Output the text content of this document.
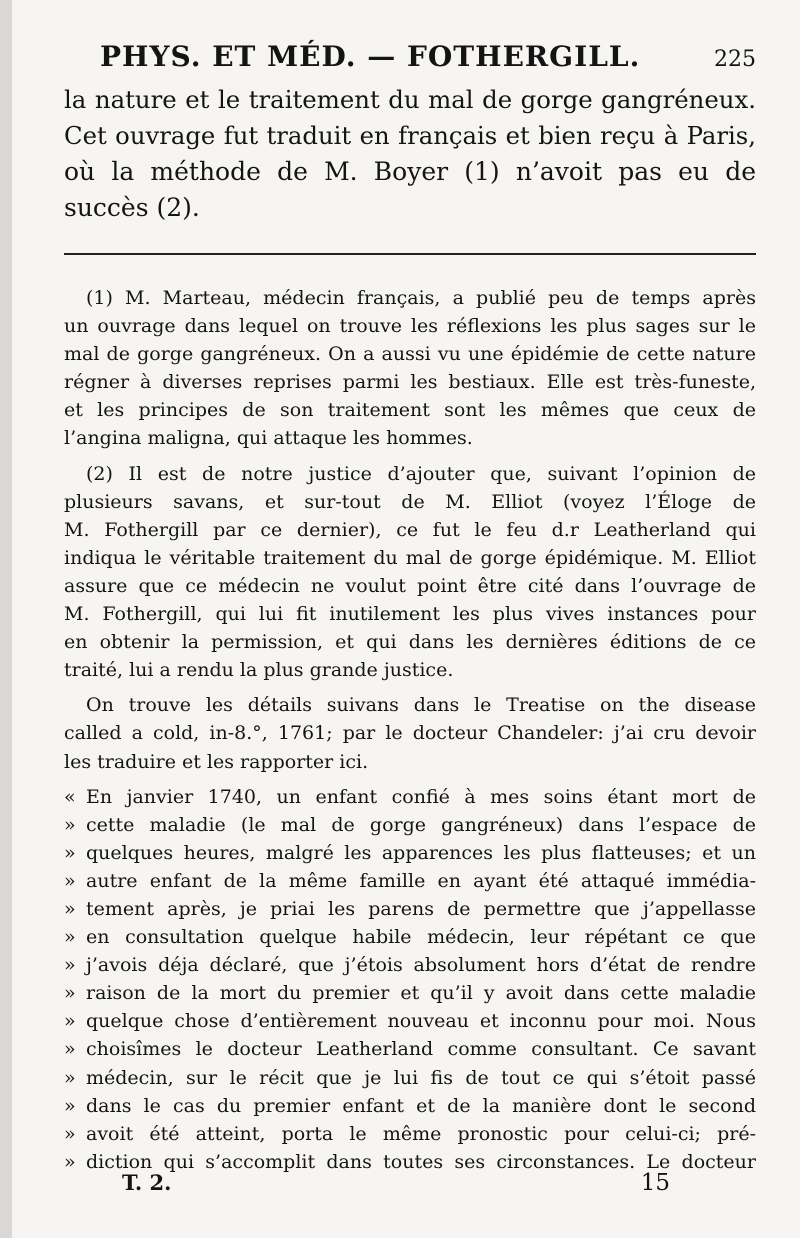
PHYS. ET MÉD. — FOTHERGILL.	225
la nature et le traitement du mal de gorge gangréneux.
Cet ouvrage fut traduit en français et bien reçu à Paris,
où la méthode de M. Boyer (1) n’avoit pas eu de
succès (2).
(1) M. Marteau, médecin français, a publié peu de temps après
un ouvrage dans lequel on trouve les réflexions les plus sages sur le
mal de gorge gangréneux. On a aussi vu une épidémie de cette nature
régner à diverses reprises parmi les bestiaux. Elle est très-funeste,
et les principes de son traitement sont les mêmes que ceux de
l’angina maligna, qui attaque les hommes.
(2) Il est de notre justice d’ajouter que, suivant l’opinion de
plusieurs savans, et sur-tout de M. Elliot (voyez l’Éloge de
M. Fothergill par ce dernier), ce fut le feu d.r Leatherland qui
indiqua le véritable traitement du mal de gorge épidémique. M. Elliot
assure que ce médecin ne voulut point être cité dans l’ouvrage de
M. Fothergill, qui lui fit inutilement les plus vives instances pour
en obtenir la permission, et qui dans les dernières éditions de ce
traité, lui a rendu la plus grande justice.
On trouve les détails suivans dans le Treatise on the disease
called a cold, in-8.°, 1761; par le docteur Chandeler: j’ai cru devoir
les traduire et les rapporter ici.
« En janvier 1740, un enfant confié à mes soins étant mort de
» cette maladie (le mal de gorge gangréneux) dans l’espace de
» quelques heures, malgré les apparences les plus flatteuses; et un
» autre enfant de la même famille en ayant été attaqué immédia-
» tement après, je priai les parens de permettre que j’appellasse
» en consultation quelque habile médecin, leur répétant ce que
» j’avois déja déclaré, que j’étois absolument hors d’état de rendre
» raison de la mort du premier et qu’il y avoit dans cette maladie
» quelque chose d’entièrement nouveau et inconnu pour moi. Nous
» choisîmes le docteur Leatherland comme consultant. Ce savant
» médecin, sur le récit que je lui fis de tout ce qui s’étoit passé
» dans le cas du premier enfant et de la manière dont le second
» avoit été atteint, porta le même pronostic pour celui-ci; pré-
» diction qui s’accomplit dans toutes ses circonstances. Le docteur
T. 2.	15
